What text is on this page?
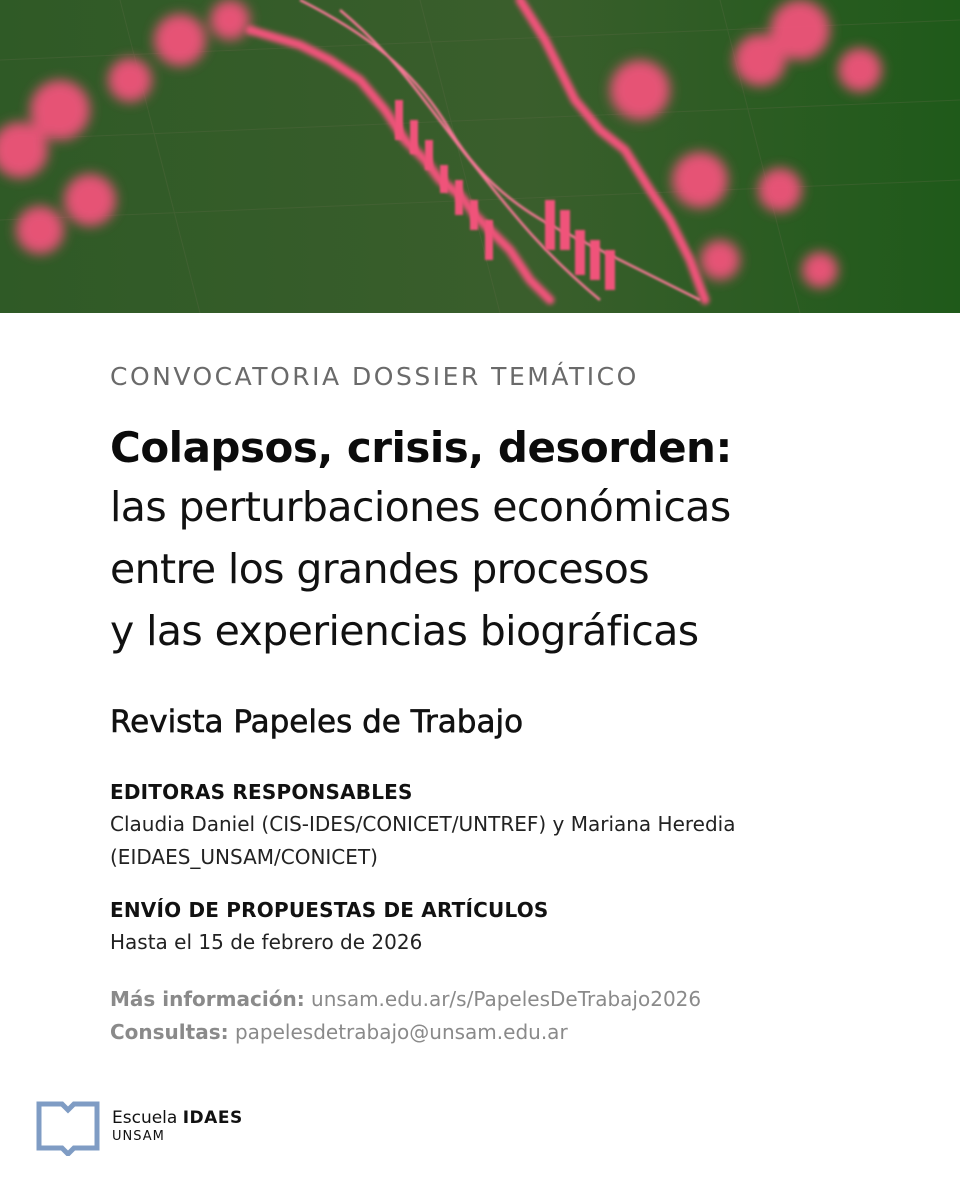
CONVOCATORIA DOSSIER TEMÁTICO

Colapsos, crisis, desorden:

las perturbaciones económicas

entre los grandes procesos

y las experiencias biográficas

Revista Papeles de Trabajo
EDITORAS RESPONSABLES
Claudia Daniel (CIS-IDES/CONICET/UNTREF) y Mariana Heredia
(EIDAES_UNSAM/CONICET)
ENVÍO DE PROPUESTAS DE ARTÍCULOS
Hasta el 15 de febrero de 2026
Más información: unsam.edu.ar/s/PapelesDeTrabajo2026
Consultas: papelesdetrabajo@unsam.edu.ar
Escuela IDAES
UNSAM
